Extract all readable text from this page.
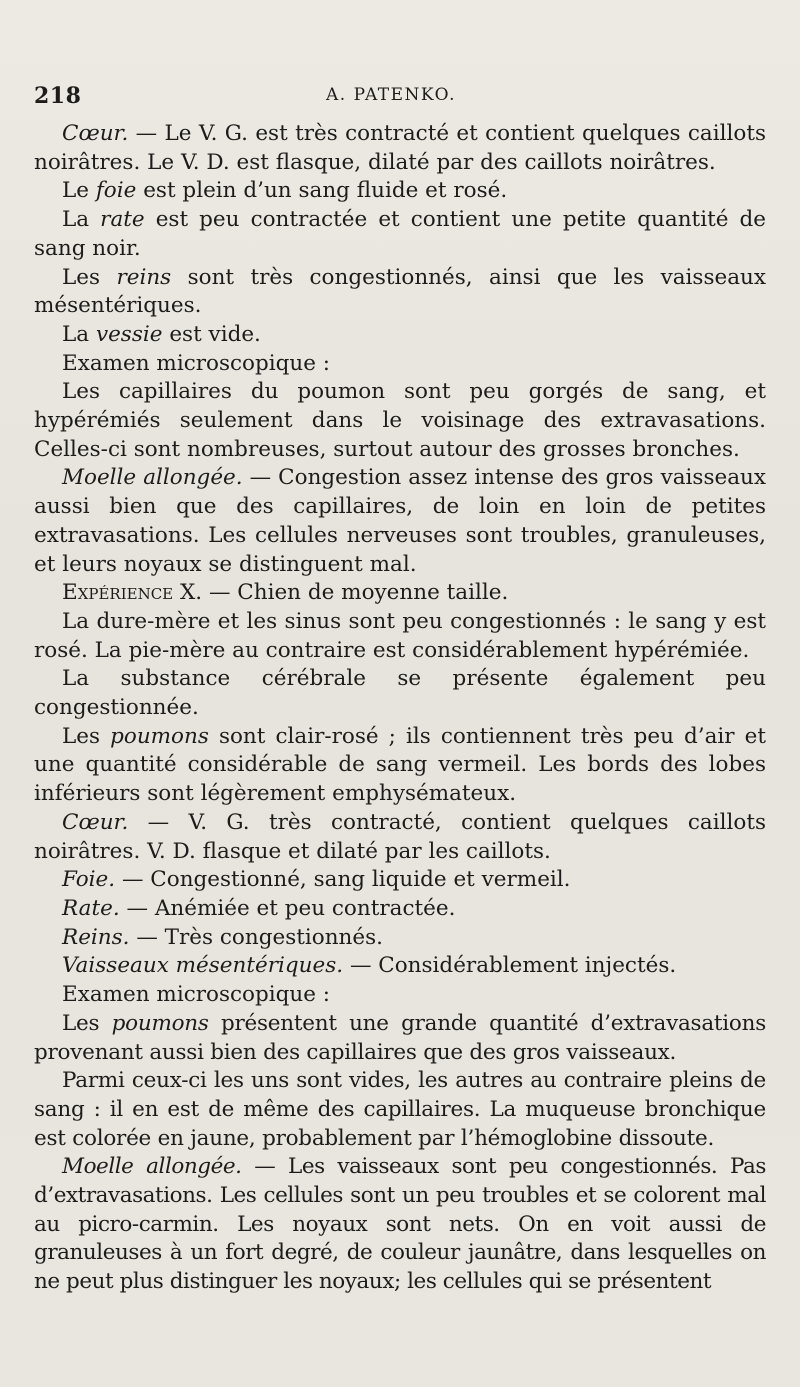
218	A. PATENKO.

Cœur. — Le V. G. est très contracté et contient quelques caillots noirâtres. Le V. D. est flasque, dilaté par des caillots noirâtres.

Le foie est plein d’un sang fluide et rosé.

La rate est peu contractée et contient une petite quantité de sang noir.

Les reins sont très congestionnés, ainsi que les vaisseaux mésentériques.

La vessie est vide.

Examen microscopique :

Les capillaires du poumon sont peu gorgés de sang, et hypérémiés seulement dans le voisinage des extravasations. Celles-ci sont nombreuses, surtout autour des grosses bronches.

Moelle allongée. — Congestion assez intense des gros vaisseaux aussi bien que des capillaires, de loin en loin de petites extravasations. Les cellules nerveuses sont troubles, granuleuses, et leurs noyaux se distinguent mal.

Expérience X. — Chien de moyenne taille.

La dure-mère et les sinus sont peu congestionnés : le sang y est rosé. La pie-mère au contraire est considérablement hypérémiée.

La substance cérébrale se présente également peu congestionnée.

Les poumons sont clair-rosé ; ils contiennent très peu d’air et une quantité considérable de sang vermeil. Les bords des lobes inférieurs sont légèrement emphysémateux.

Cœur. — V. G. très contracté, contient quelques caillots noirâtres. V. D. flasque et dilaté par les caillots.

Foie. — Congestionné, sang liquide et vermeil.

Rate. — Anémiée et peu contractée.

Reins. — Très congestionnés.

Vaisseaux mésentériques. — Considérablement injectés.

Examen microscopique :

Les poumons présentent une grande quantité d’extravasations provenant aussi bien des capillaires que des gros vaisseaux.

Parmi ceux-ci les uns sont vides, les autres au contraire pleins de sang : il en est de même des capillaires. La muqueuse bronchique est colorée en jaune, probablement par l’hémoglobine dissoute.

Moelle allongée. — Les vaisseaux sont peu congestionnés. Pas d’extravasations. Les cellules sont un peu troubles et se colorent mal au picro-carmin. Les noyaux sont nets. On en voit aussi de granuleuses à un fort degré, de couleur jaunâtre, dans lesquelles on ne peut plus distinguer les noyaux; les cellules qui se présentent
